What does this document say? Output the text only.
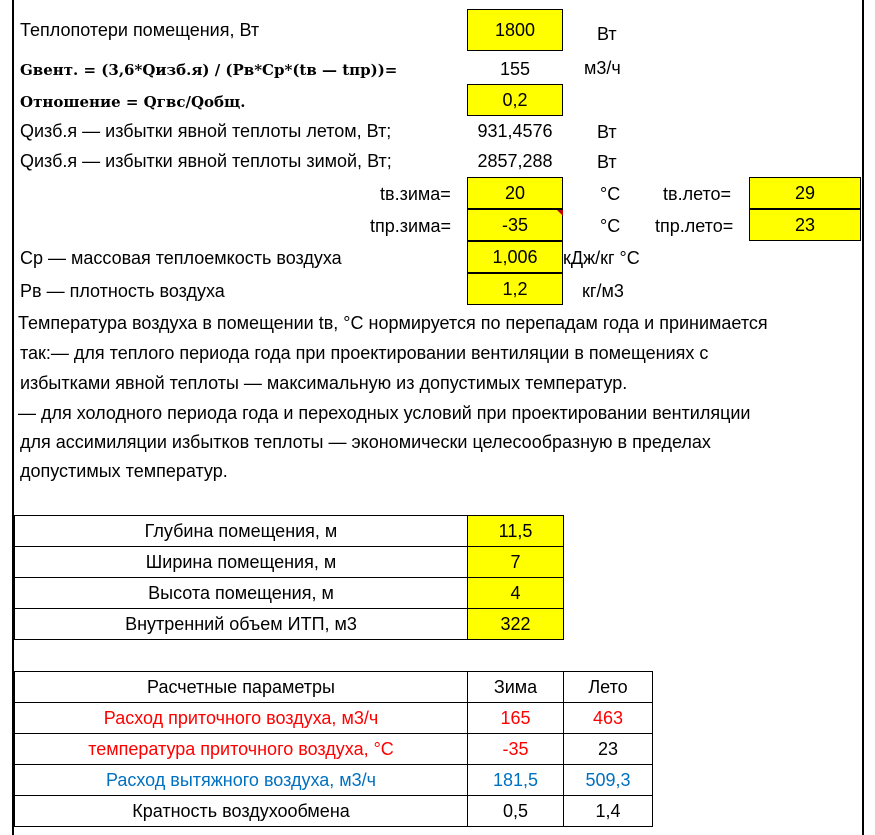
Теплопотери помещения, Вт	1800	Вт
Gвент. = (3,6*Qизб.я) / (Pв*Cр*(tв — tпр))=	155	м3/ч
Отношение = Qгвс/Qобщ.	0,2
Qизб.я — избытки явной теплоты летом, Вт;	931,4576	Вт
Qизб.я — избытки явной теплоты зимой, Вт;	2857,288	Вт
tв.зима=	20	°С tв.лето=	29
tпр.зима=	-35	°С tпр.лето=	23
Ср — массовая теплоемкость воздуха	1,006	кДж/кг °С
Pв — плотность воздуха	1,2	кг/м3
Температура воздуха в помещении tв, °С нормируется по перепадам года и принимается
так:— для теплого периода года при проектировании вентиляции в помещениях с
избытками явной теплоты — максимальную из допустимых температур.
— для холодного периода года и переходных условий при проектировании вентиляции
для ассимиляции избытков теплоты — экономически целесообразную в пределах
допустимых температур.
Глубина помещения, м	11,5
Ширина помещения, м	7
Высота помещения, м	4
Внутренний объем ИТП, м3	322
Расчетные параметры	Зима	Лето
Расход приточного воздуха, м3/ч	165	463
температура приточного воздуха, °С	-35	23
Расход вытяжного воздуха, м3/ч	181,5	509,3
Кратность воздухообмена	0,5	1,4
